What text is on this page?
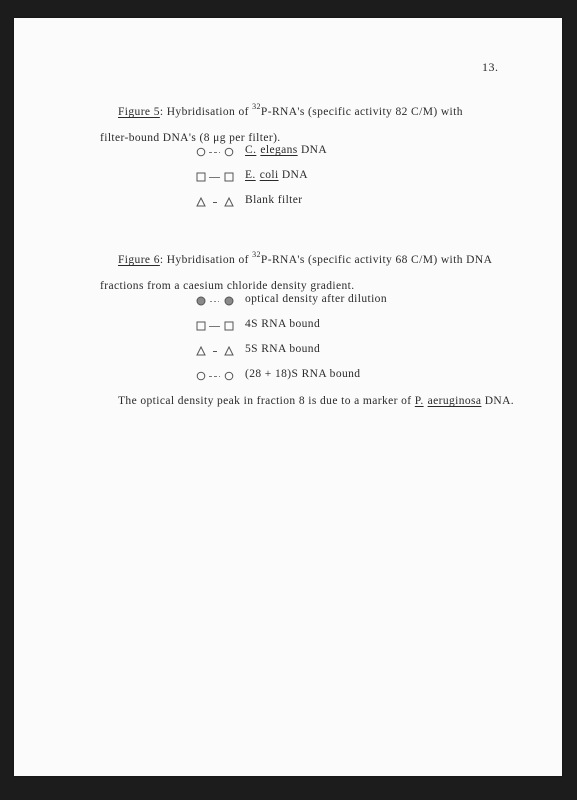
13.
Figure 5: Hybridisation of $^{32}$P-RNA's (specific activity 82 C/M) with
filter-bound DNA's (8 μg per filter).
C. elegans DNA
E. coli DNA
Blank filter
Figure 6: Hybridisation of $^{32}$P-RNA's (specific activity 68 C/M) with DNA
fractions from a caesium chloride density gradient.
optical density after dilution
4S RNA bound
5S RNA bound
(28 + 18)S RNA bound
The optical density peak in fraction 8 is due to a marker of P. aeruginosa DNA.
